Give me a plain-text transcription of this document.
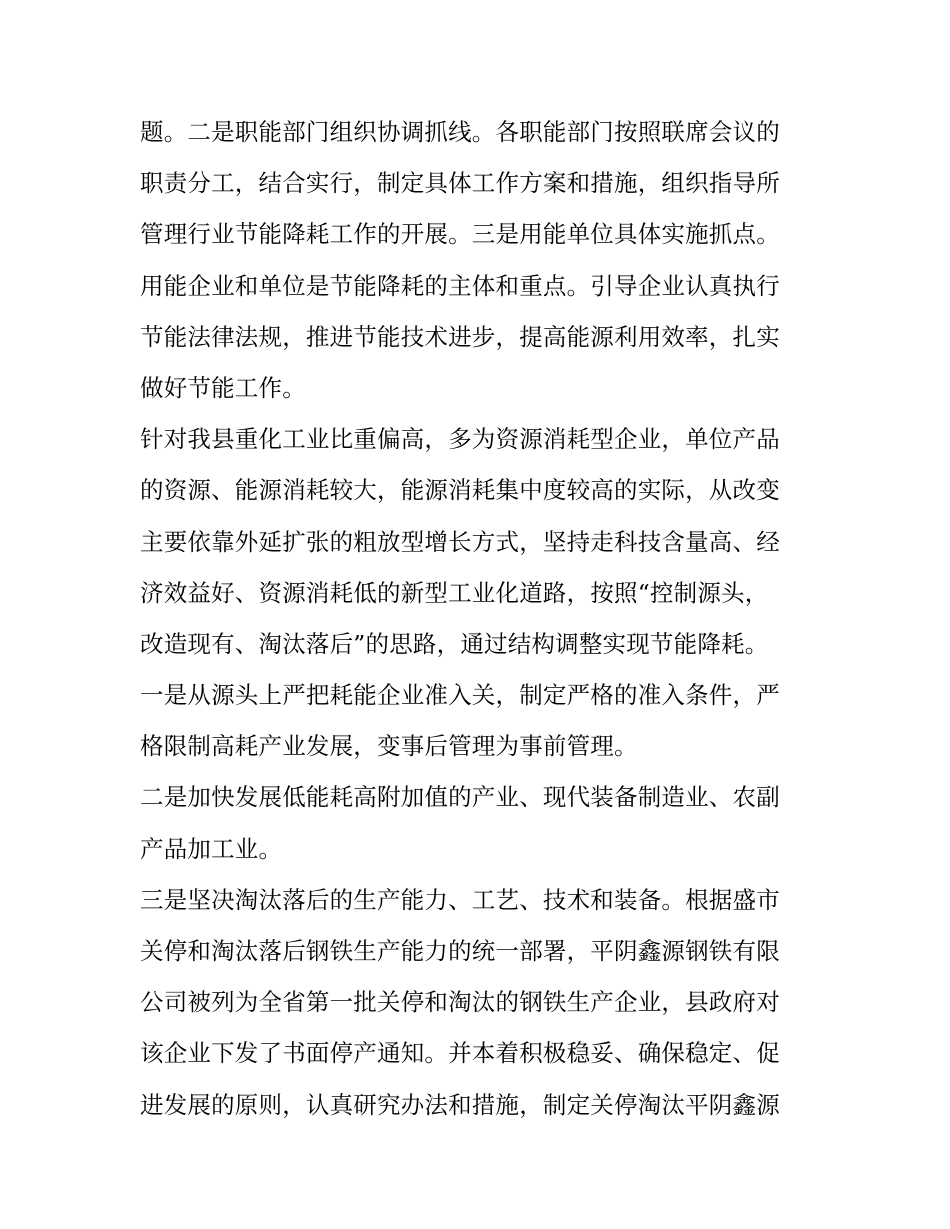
题。二是职能部门组织协调抓线。各职能部门按照联席会议的
职责分工，结合实行，制定具体工作方案和措施，组织指导所
管理行业节能降耗工作的开展。三是用能单位具体实施抓点。
用能企业和单位是节能降耗的主体和重点。引导企业认真执行
节能法律法规，推进节能技术进步，提高能源利用效率，扎实
做好节能工作。
针对我县重化工业比重偏高，多为资源消耗型企业，单位产品
的资源、能源消耗较大，能源消耗集中度较高的实际，从改变
主要依靠外延扩张的粗放型增长方式，坚持走科技含量高、经
济效益好、资源消耗低的新型工业化道路，按照“控制源头，
改造现有、淘汰落后”的思路，通过结构调整实现节能降耗。
一是从源头上严把耗能企业准入关，制定严格的准入条件，严
格限制高耗产业发展，变事后管理为事前管理。
二是加快发展低能耗高附加值的产业、现代装备制造业、农副
产品加工业。
三是坚决淘汰落后的生产能力、工艺、技术和装备。根据盛市
关停和淘汰落后钢铁生产能力的统一部署，平阴鑫源钢铁有限
公司被列为全省第一批关停和淘汰的钢铁生产企业，县政府对
该企业下发了书面停产通知。并本着积极稳妥、确保稳定、促
进发展的原则，认真研究办法和措施，制定关停淘汰平阴鑫源
